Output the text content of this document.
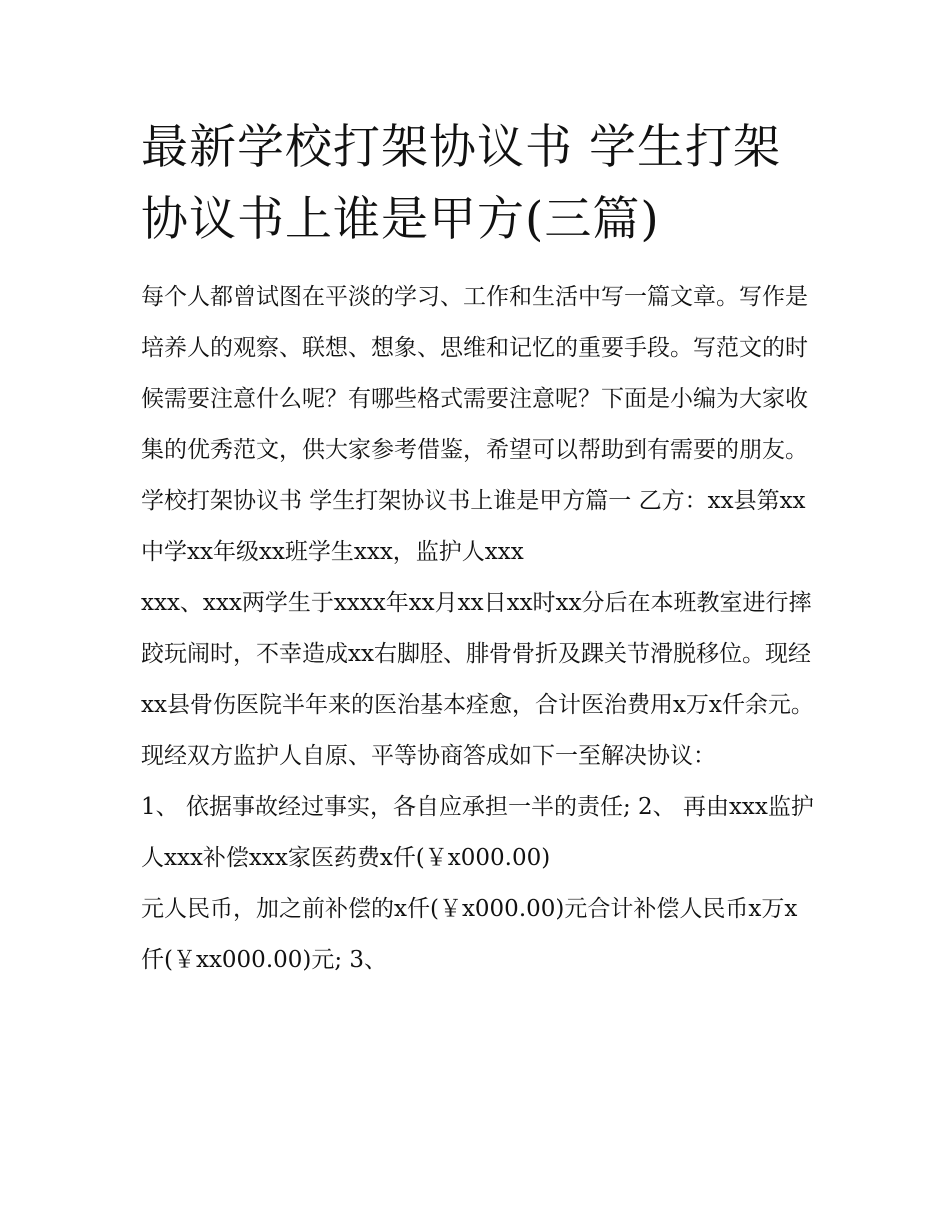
最新学校打架协议书 学生打架协议书上谁是甲方(三篇)

每个人都曾试图在平淡的学习、工作和生活中写一篇文章。写作是培养人的观察、联想、想象、思维和记忆的重要手段。写范文的时候需要注意什么呢？有哪些格式需要注意呢？下面是小编为大家收集的优秀范文，供大家参考借鉴，希望可以帮助到有需要的朋友。

学校打架协议书 学生打架协议书上谁是甲方篇一 乙方：xx县第xx中学xx年级xx班学生xxx，监护人xxx

xxx、xxx两学生于xxxx年xx月xx日xx时xx分后在本班教室进行摔跤玩闹时，不幸造成xx右脚胫、腓骨骨折及踝关节滑脱移位。现经xx县骨伤医院半年来的医治基本痊愈，合计医治费用x万x仟余元。现经双方监护人自原、平等协商答成如下一至解决协议：

1、 依据事故经过事实，各自应承担一半的责任; 2、 再由xxx监护人xxx补偿xxx家医药费x仟(￥x000.00)

元人民币，加之前补偿的x仟(￥x000.00)元合计补偿人民币x万x仟(￥xx000.00)元; 3、
